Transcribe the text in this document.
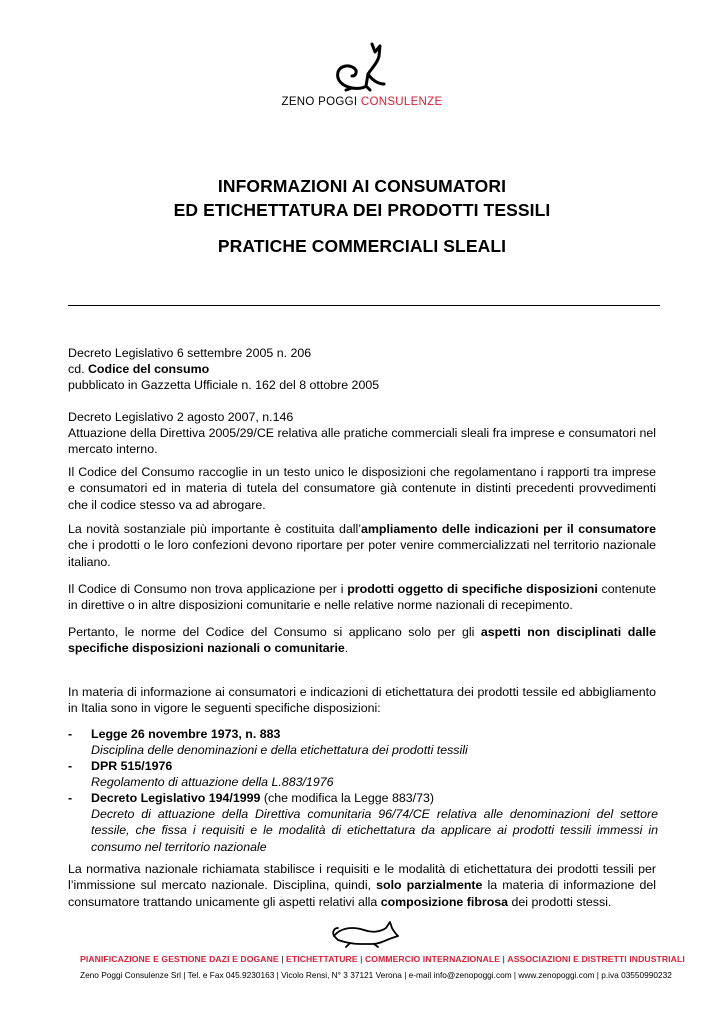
ZENO POGGI CONSULENZE
INFORMAZIONI AI CONSUMATORI
ED ETICHETTATURA DEI PRODOTTI TESSILI
PRATICHE COMMERCIALI SLEALI
Decreto Legislativo 6 settembre 2005 n. 206
cd. Codice del consumo
pubblicato in Gazzetta Ufficiale n. 162 del 8 ottobre 2005
Decreto Legislativo 2 agosto 2007, n.146
Attuazione della Direttiva 2005/29/CE relativa alle pratiche commerciali sleali fra imprese e consumatori nel mercato interno.
Il Codice del Consumo raccoglie in un testo unico le disposizioni che regolamentano i rapporti tra imprese e consumatori ed in materia di tutela del consumatore già contenute in distinti precedenti provvedimenti che il codice stesso va ad abrogare.
La novità sostanziale più importante è costituita dall’ampliamento delle indicazioni per il consumatore che i prodotti o le loro confezioni devono riportare per poter venire commercializzati nel territorio nazionale italiano.
Il Codice di Consumo non trova applicazione per i prodotti oggetto di specifiche disposizioni contenute in direttive o in altre disposizioni comunitarie e nelle relative norme nazionali di recepimento.
Pertanto, le norme del Codice del Consumo si applicano solo per gli aspetti non disciplinati dalle specifiche disposizioni nazionali o comunitarie.
In materia di informazione ai consumatori e indicazioni di etichettatura dei prodotti tessile ed abbigliamento in Italia sono in vigore le seguenti specifiche disposizioni:
- Legge 26 novembre 1973, n. 883
Disciplina delle denominazioni e della etichettatura dei prodotti tessili
- DPR 515/1976
Regolamento di attuazione della L.883/1976
- Decreto Legislativo 194/1999 (che modifica la Legge 883/73)
Decreto di attuazione della Direttiva comunitaria 96/74/CE relativa alle denominazioni del settore tessile, che fissa i requisiti e le modalità di etichettatura da applicare ai prodotti tessili immessi in consumo nel territorio nazionale
La normativa nazionale richiamata stabilisce i requisiti e le modalità di etichettatura dei prodotti tessili per l’immissione sul mercato nazionale. Disciplina, quindi, solo parzialmente la materia di informazione del consumatore trattando unicamente gli aspetti relativi alla composizione fibrosa dei prodotti stessi.
PIANIFICAZIONE E GESTIONE DAZI E DOGANE | ETICHETTATURE | COMMERCIO INTERNAZIONALE | ASSOCIAZIONI E DISTRETTI INDUSTRIALI
Zeno Poggi Consulenze Srl | Tel. e Fax 045.9230163 | Vicolo Rensi, N° 3 37121 Verona | e-mail info@zenopoggi.com | www.zenopoggi.com | p.iva 03550990232
